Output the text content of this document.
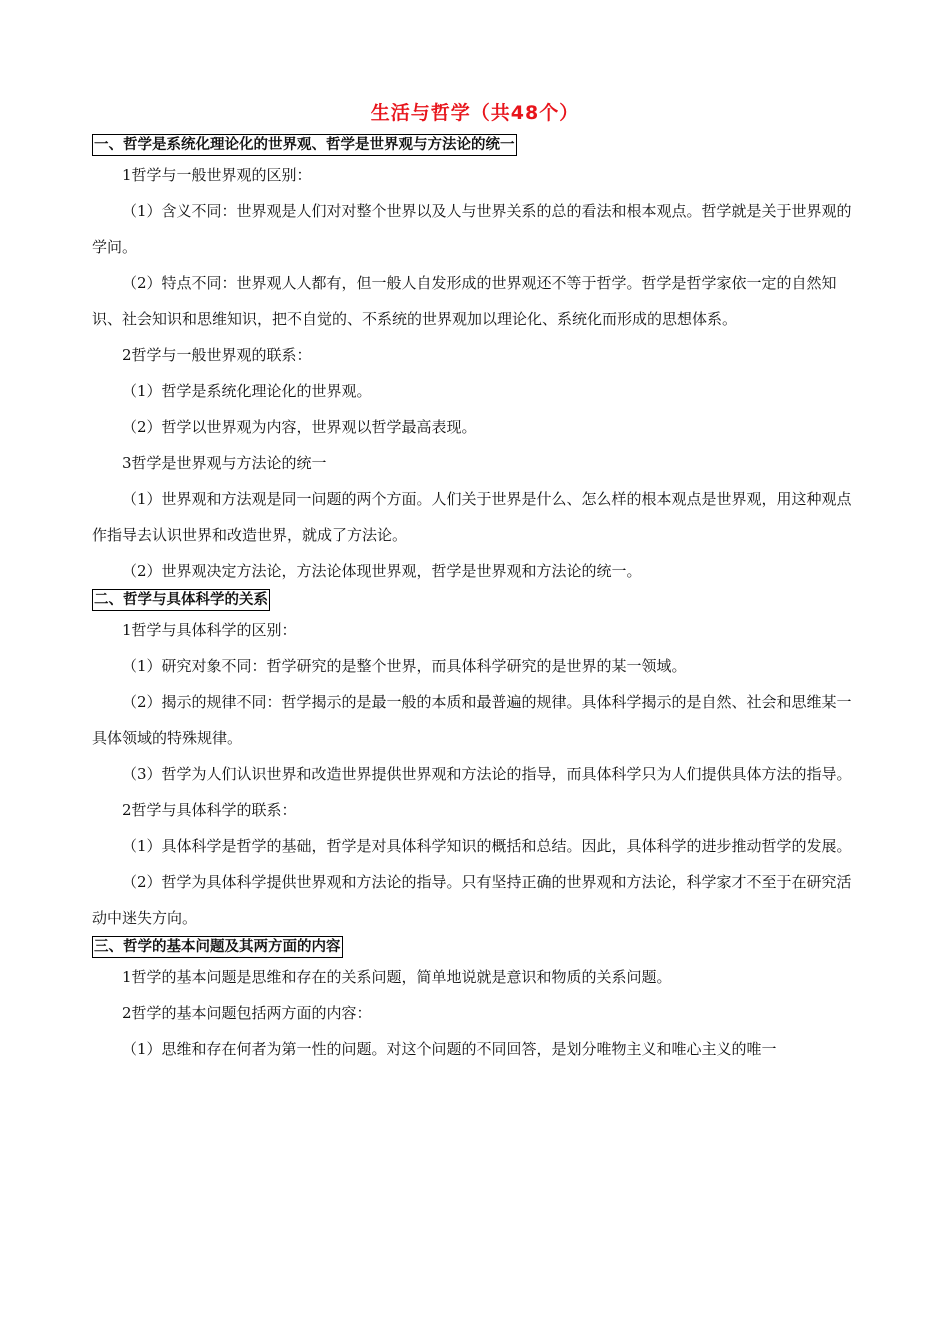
生活与哲学（共48个）
一、哲学是系统化理论化的世界观、哲学是世界观与方法论的统一

1哲学与一般世界观的区别：

（1）含义不同：世界观是人们对对整个世界以及人与世界关系的总的看法和根本观点。哲学就是关于世界观的学问。

（2）特点不同：世界观人人都有，但一般人自发形成的世界观还不等于哲学。哲学是哲学家依一定的自然知识、社会知识和思维知识，把不自觉的、不系统的世界观加以理论化、系统化而形成的思想体系。

2哲学与一般世界观的联系：

（1）哲学是系统化理论化的世界观。

（2）哲学以世界观为内容，世界观以哲学最高表现。

3哲学是世界观与方法论的统一

（1）世界观和方法观是同一问题的两个方面。人们关于世界是什么、怎么样的根本观点是世界观，用这种观点作指导去认识世界和改造世界，就成了方法论。

（2）世界观决定方法论，方法论体现世界观，哲学是世界观和方法论的统一。

二、哲学与具体科学的关系

1哲学与具体科学的区别：

（1）研究对象不同：哲学研究的是整个世界，而具体科学研究的是世界的某一领域。

（2）揭示的规律不同：哲学揭示的是最一般的本质和最普遍的规律。具体科学揭示的是自然、社会和思维某一具体领域的特殊规律。

（3）哲学为人们认识世界和改造世界提供世界观和方法论的指导，而具体科学只为人们提供具体方法的指导。

2哲学与具体科学的联系：

（1）具体科学是哲学的基础，哲学是对具体科学知识的概括和总结。因此，具体科学的进步推动哲学的发展。

（2）哲学为具体科学提供世界观和方法论的指导。只有坚持正确的世界观和方法论，科学家才不至于在研究活动中迷失方向。

三、哲学的基本问题及其两方面的内容

1哲学的基本问题是思维和存在的关系问题，简单地说就是意识和物质的关系问题。

2哲学的基本问题包括两方面的内容：

（1）思维和存在何者为第一性的问题。对这个问题的不同回答，是划分唯物主义和唯心主义的唯一
